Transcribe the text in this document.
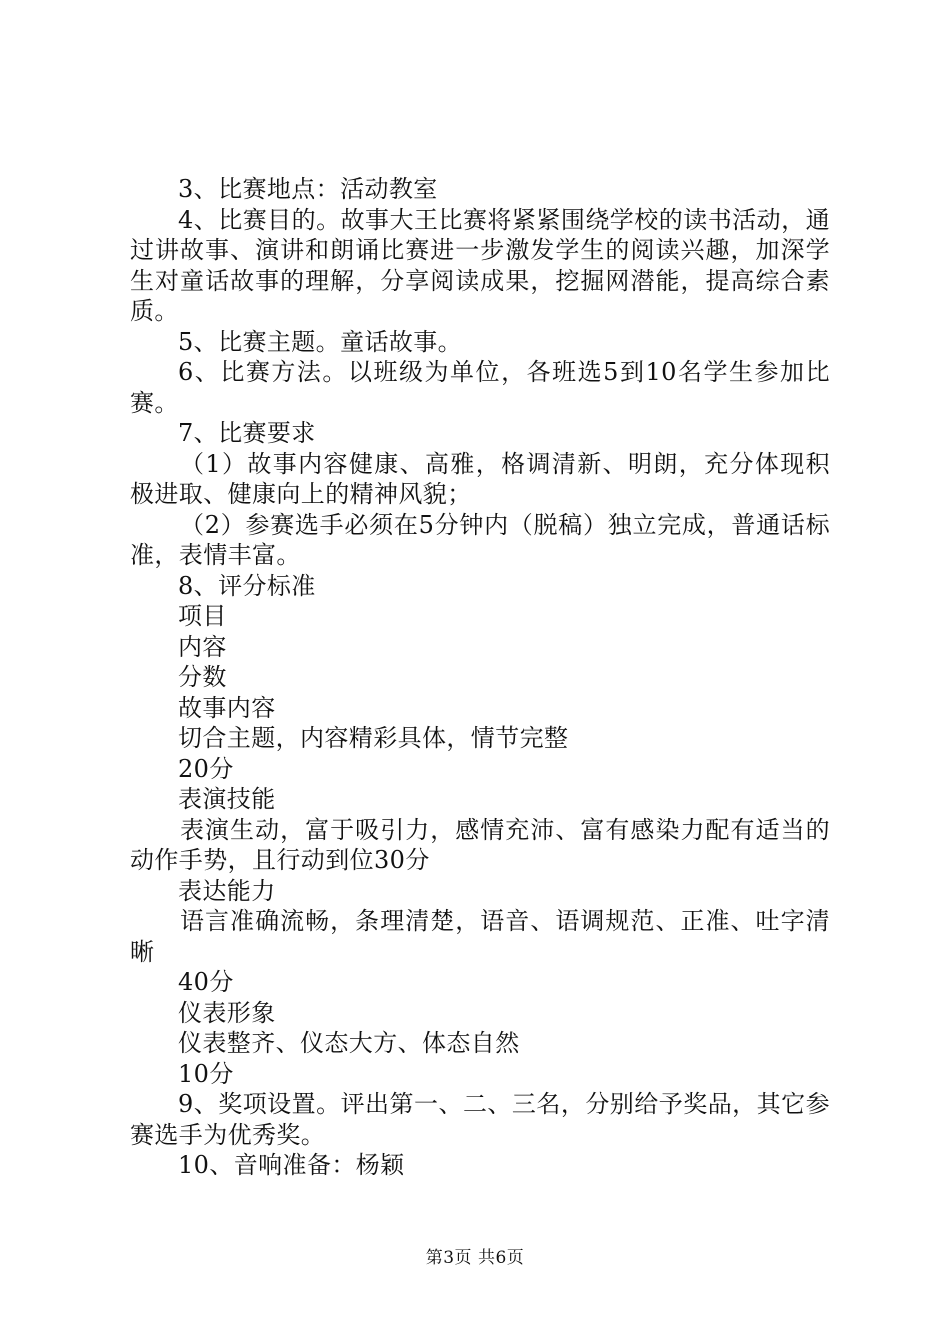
3、比赛地点：活动教室

4、比赛目的。故事大王比赛将紧紧围绕学校的读书活动，通过讲故事、演讲和朗诵比赛进一步激发学生的阅读兴趣，加深学生对童话故事的理解，分享阅读成果，挖掘网潜能，提高综合素质。

5、比赛主题。童话故事。

6、比赛方法。以班级为单位，各班选5到10名学生参加比赛。

7、比赛要求

（1）故事内容健康、高雅，格调清新、明朗，充分体现积极进取、健康向上的精神风貌；

（2）参赛选手必须在5分钟内（脱稿）独立完成，普通话标准，表情丰富。

8、评分标准

项目

内容

分数

故事内容

切合主题，内容精彩具体，情节完整

20分

表演技能

表演生动，富于吸引力，感情充沛、富有感染力配有适当的动作手势，且行动到位30分

表达能力

语言准确流畅，条理清楚，语音、语调规范、正准、吐字清晰

40分

仪表形象

仪表整齐、仪态大方、体态自然

10分

9、奖项设置。评出第一、二、三名，分别给予奖品，其它参赛选手为优秀奖。

10、音响准备：杨颖

第3页 共6页
